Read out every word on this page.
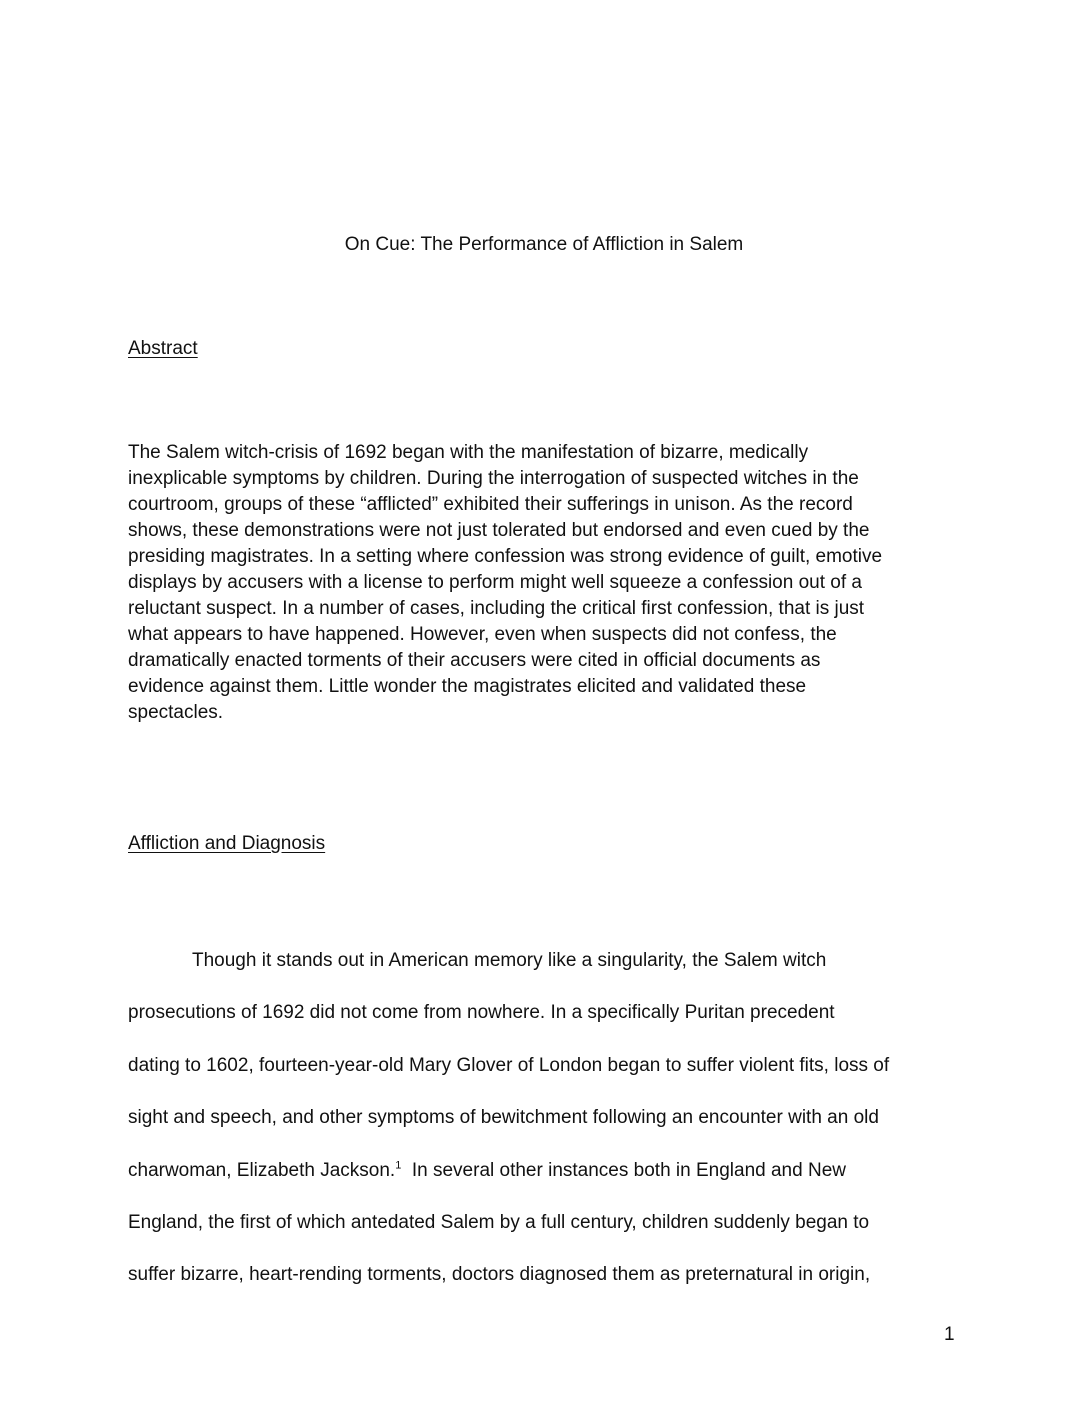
On Cue: The Performance of Affliction in Salem
Abstract
The Salem witch-crisis of 1692 began with the manifestation of bizarre, medically
inexplicable symptoms by children. During the interrogation of suspected witches in the
courtroom, groups of these “afflicted” exhibited their sufferings in unison. As the record
shows, these demonstrations were not just tolerated but endorsed and even cued by the
presiding magistrates. In a setting where confession was strong evidence of guilt, emotive
displays by accusers with a license to perform might well squeeze a confession out of a
reluctant suspect. In a number of cases, including the critical first confession, that is just
what appears to have happened. However, even when suspects did not confess, the
dramatically enacted torments of their accusers were cited in official documents as
evidence against them. Little wonder the magistrates elicited and validated these
spectacles.
Affliction and Diagnosis
Though it stands out in American memory like a singularity, the Salem witch
prosecutions of 1692 did not come from nowhere. In a specifically Puritan precedent
dating to 1602, fourteen-year-old Mary Glover of London began to suffer violent fits, loss of
sight and speech, and other symptoms of bewitchment following an encounter with an old
charwoman, Elizabeth Jackson.$^1$  In several other instances both in England and New
England, the first of which antedated Salem by a full century, children suddenly began to
suffer bizarre, heart-rending torments, doctors diagnosed them as preternatural in origin,
1
